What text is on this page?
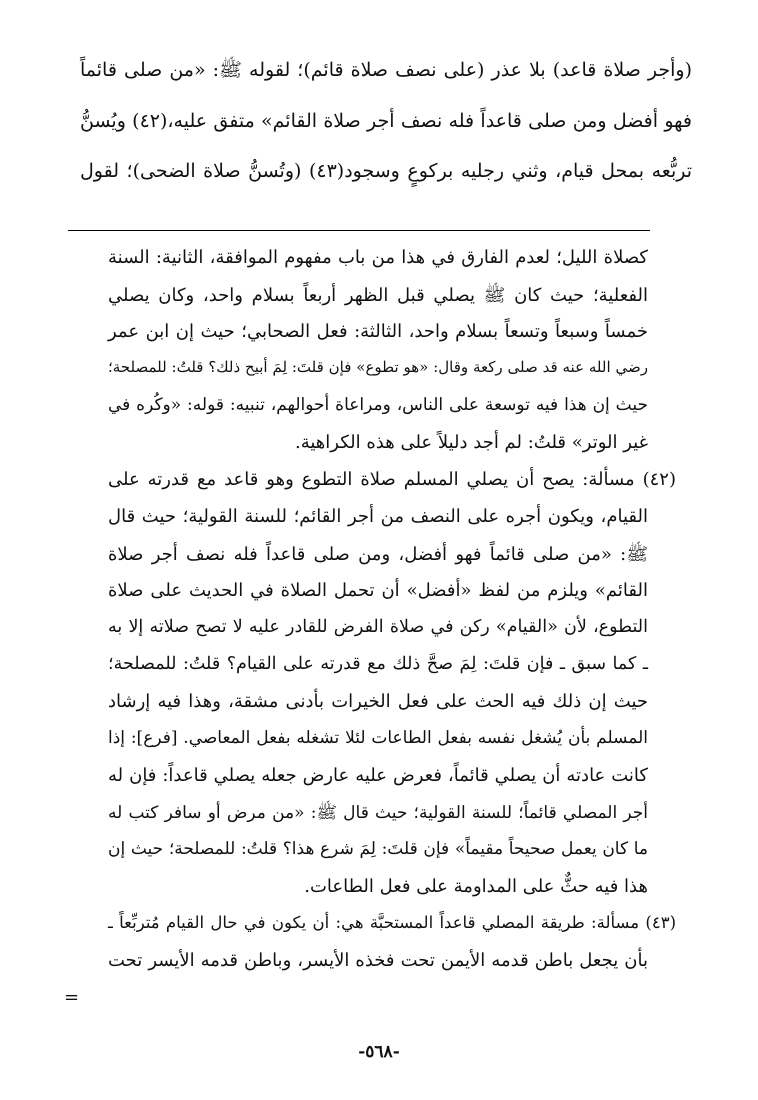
(وأجر صلاة قاعد) بلا عذر (على نصف صلاة قائم)؛ لقوله ﷺ: «من صلى قائماً
فهو أفضل ومن صلى قاعداً فله نصف أجر صلاة القائم» متفق عليه،(٤٢) ويُسنُّ
تربُّعه بمحل قيام، وثني رجليه بركوعٍ وسجود(٤٣) (وتُسنُّ صلاة الضحى)؛ لقول
كصلاة الليل؛ لعدم الفارق في هذا من باب مفهوم الموافقة، الثانية: السنة
الفعلية؛ حيث كان ﷺ يصلي قبل الظهر أربعاً بسلام واحد، وكان يصلي
خمساً وسبعاً وتسعاً بسلام واحد، الثالثة: فعل الصحابي؛ حيث إن ابن عمر
رضي الله عنه قد صلى ركعة وقال: «هو تطوع» فإن قلتَ: لِمَ أبيح ذلك؟ قلتُ: للمصلحة؛
حيث إن هذا فيه توسعة على الناس، ومراعاة أحوالهم، تنبيه: قوله: «وكُره في
غير الوتر» قلتُ: لم أجد دليلاً على هذه الكراهية.
(٤٢) مسألة: يصح أن يصلي المسلم صلاة التطوع وهو قاعد مع قدرته على
القيام، ويكون أجره على النصف من أجر القائم؛ للسنة القولية؛ حيث قال
ﷺ: «من صلى قائماً فهو أفضل، ومن صلى قاعداً فله نصف أجر صلاة
القائم» ويلزم من لفظ «أفضل» أن تحمل الصلاة في الحديث على صلاة
التطوع، لأن «القيام» ركن في صلاة الفرض للقادر عليه لا تصح صلاته إلا به
ـ كما سبق ـ فإن قلتَ: لِمَ صحَّ ذلك مع قدرته على القيام؟ قلتُ: للمصلحة؛
حيث إن ذلك فيه الحث على فعل الخيرات بأدنى مشقة، وهذا فيه إرشاد
المسلم بأن يُشغل نفسه بفعل الطاعات لئلا تشغله بفعل المعاصي. [فرع]: إذا
كانت عادته أن يصلي قائماً، فعرض عليه عارض جعله يصلي قاعداً: فإن له
أجر المصلي قائماً؛ للسنة القولية؛ حيث قال ﷺ: «من مرض أو سافر كتب له
ما كان يعمل صحيحاً مقيماً» فإن قلتَ: لِمَ شرع هذا؟ قلتُ: للمصلحة؛ حيث إن
هذا فيه حثٌّ على المداومة على فعل الطاعات.
(٤٣) مسألة: طريقة المصلي قاعداً المستحبَّة هي: أن يكون في حال القيام مُتربِّعاً ـ
بأن يجعل باطن قدمه الأيمن تحت فخذه الأيسر، وباطن قدمه الأيسر تحت
=
-٥٦٨-
